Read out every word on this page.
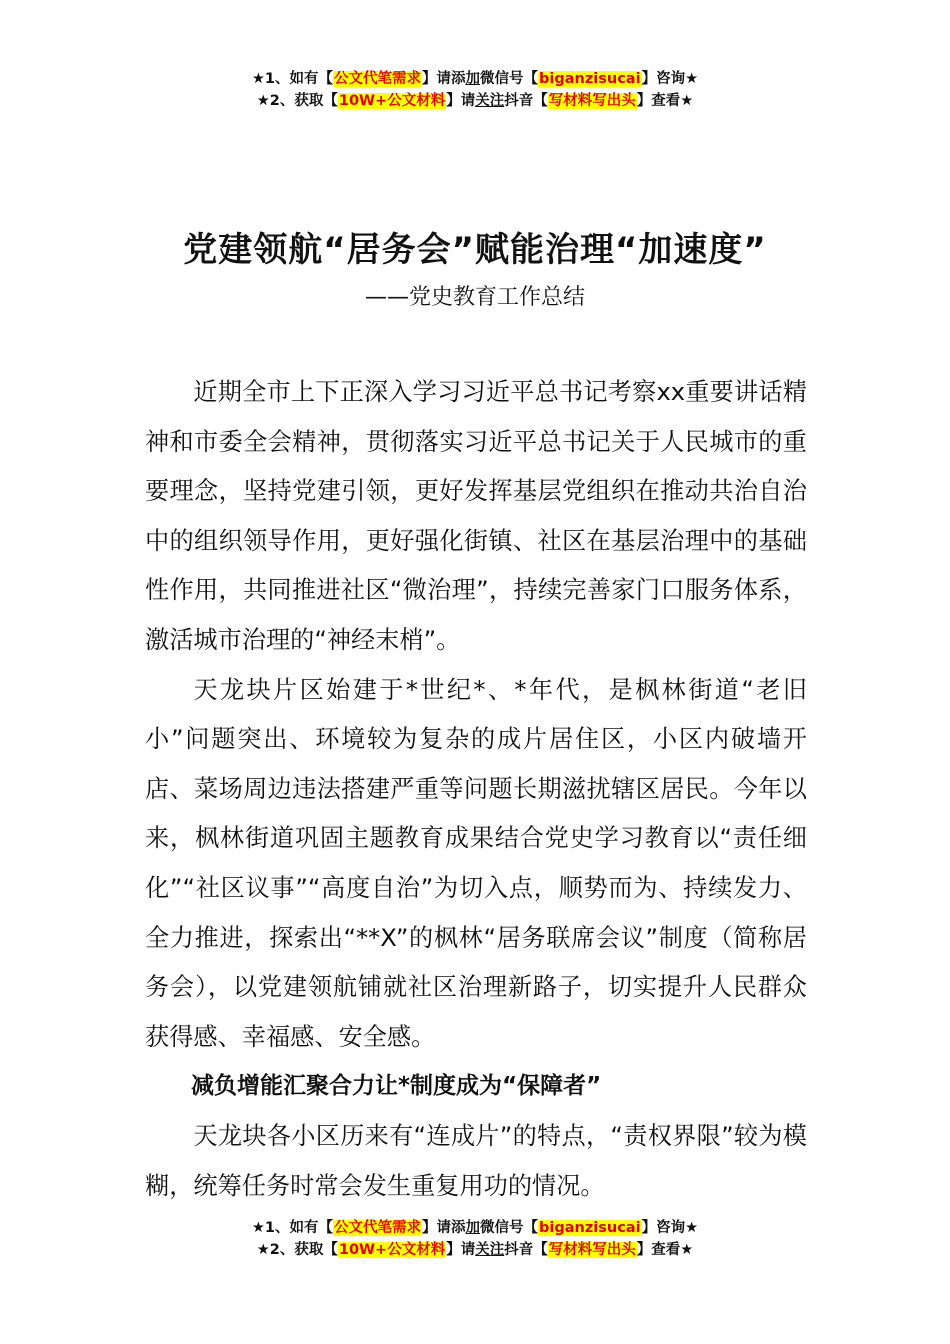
★1、如有【公文代笔需求】请添加微信号【biganzisucai】咨询★
★2、获取【10W+公文材料】请关注抖音【写材料写出头】查看★
党建领航“居务会”赋能治理“加速度”
——党史教育工作总结

近期全市上下正深入学习习近平总书记考察xx重要讲话精神和市委全会精神，贯彻落实习近平总书记关于人民城市的重要理念，坚持党建引领，更好发挥基层党组织在推动共治自治中的组织领导作用，更好强化街镇、社区在基层治理中的基础性作用，共同推进社区“微治理”，持续完善家门口服务体系，激活城市治理的“神经末梢”。

天龙块片区始建于*世纪*、*年代，是枫林街道“老旧小”问题突出、环境较为复杂的成片居住区，小区内破墙开店、菜场周边违法搭建严重等问题长期滋扰辖区居民。今年以来，枫林街道巩固主题教育成果结合党史学习教育以“责任细化”“社区议事”“高度自治”为切入点，顺势而为、持续发力、全力推进，探索出“**X”的枫林“居务联席会议”制度（简称居务会），以党建领航铺就社区治理新路子，切实提升人民群众获得感、幸福感、安全感。

减负增能汇聚合力让*制度成为“保障者”

天龙块各小区历来有“连成片”的特点，“责权界限”较为模糊，统筹任务时常会发生重复用功的情况。

★1、如有【公文代笔需求】请添加微信号【biganzisucai】咨询★
★2、获取【10W+公文材料】请关注抖音【写材料写出头】查看★
